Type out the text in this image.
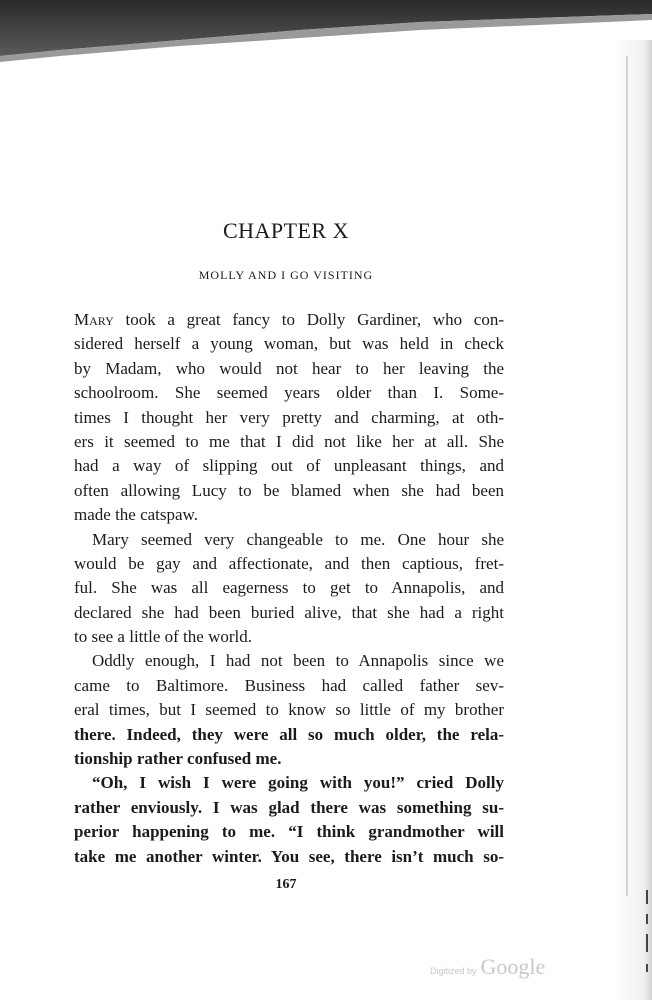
CHAPTER X
MOLLY AND I GO VISITING
Mary took a great fancy to Dolly Gardiner, who con-
sidered herself a young woman, but was held in check
by Madam, who would not hear to her leaving the
schoolroom. She seemed years older than I. Some-
times I thought her very pretty and charming, at oth-
ers it seemed to me that I did not like her at all. She
had a way of slipping out of unpleasant things, and
often allowing Lucy to be blamed when she had been
made the catspaw.
Mary seemed very changeable to me. One hour she
would be gay and affectionate, and then captious, fret-
ful. She was all eagerness to get to Annapolis, and
declared she had been buried alive, that she had a right
to see a little of the world.
Oddly enough, I had not been to Annapolis since we
came to Baltimore. Business had called father sev-
eral times, but I seemed to know so little of my brother
there. Indeed, they were all so much older, the rela-
tionship rather confused me.
“Oh, I wish I were going with you!” cried Dolly
rather enviously. I was glad there was something su-
perior happening to me. “I think grandmother will
take me another winter. You see, there isn’t much so-
167
Digitized by Google
